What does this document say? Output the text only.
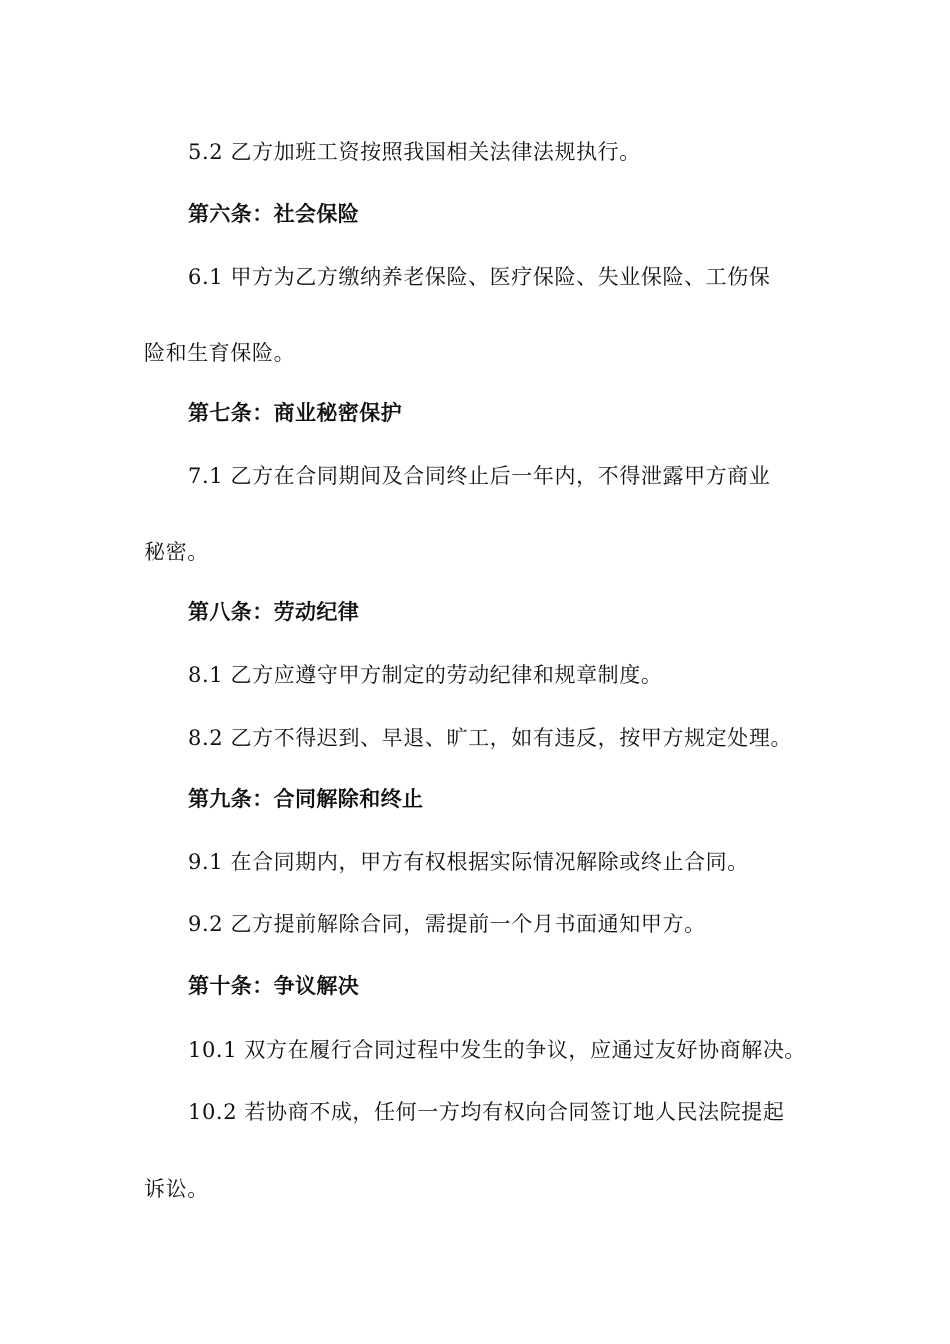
5.2 乙方加班工资按照我国相关法律法规执行。
第六条：社会保险
6.1 甲方为乙方缴纳养老保险、医疗保险、失业保险、工伤保
险和生育保险。
第七条：商业秘密保护
7.1 乙方在合同期间及合同终止后一年内，不得泄露甲方商业
秘密。
第八条：劳动纪律
8.1 乙方应遵守甲方制定的劳动纪律和规章制度。
8.2 乙方不得迟到、早退、旷工，如有违反，按甲方规定处理。
第九条：合同解除和终止
9.1 在合同期内，甲方有权根据实际情况解除或终止合同。
9.2 乙方提前解除合同，需提前一个月书面通知甲方。
第十条：争议解决
10.1 双方在履行合同过程中发生的争议，应通过友好协商解决。
10.2 若协商不成，任何一方均有权向合同签订地人民法院提起
诉讼。
